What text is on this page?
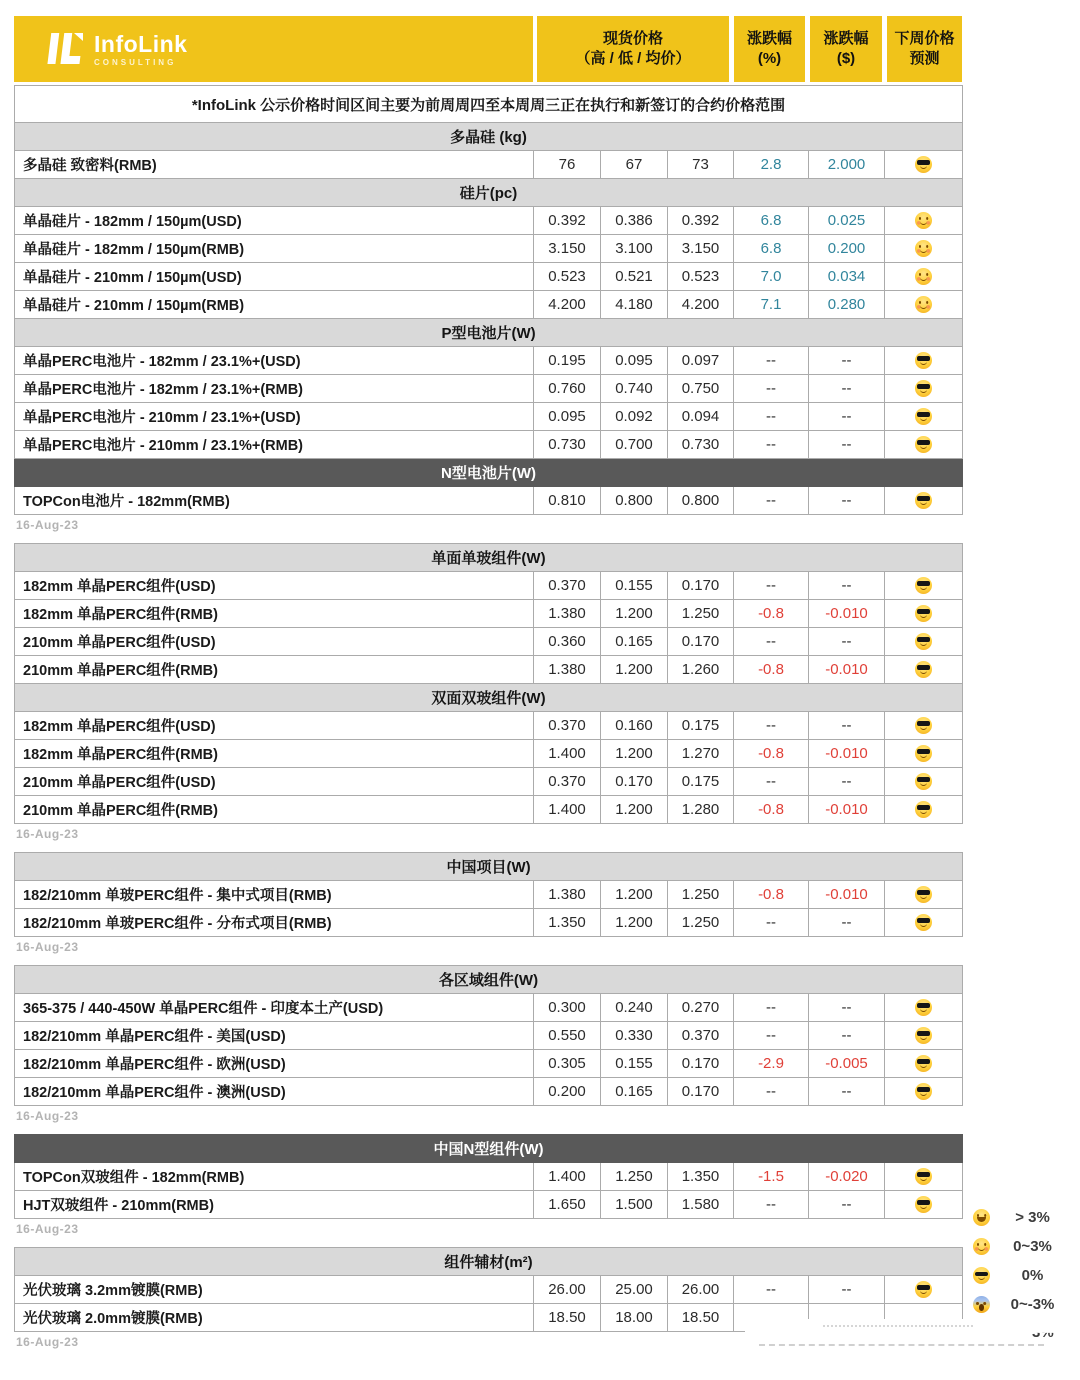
InfoLink
CONSULTING
现货价格
（高 / 低 / 均价）
涨跌幅
(%)
涨跌幅
($)
下周价格
预测
*InfoLink 公示价格时间区间主要为前周周四至本周周三正在执行和新签订的合约价格范围						
多晶硅 (kg)						
多晶硅 致密料(RMB)	76	67	73	2.8	2.000	
硅片(pc)						
单晶硅片 - 182mm / 150µm(USD)	0.392	0.386	0.392	6.8	0.025	
单晶硅片 - 182mm / 150µm(RMB)	3.150	3.100	3.150	6.8	0.200	
单晶硅片 - 210mm / 150µm(USD)	0.523	0.521	0.523	7.0	0.034	
单晶硅片 - 210mm / 150µm(RMB)	4.200	4.180	4.200	7.1	0.280	
P型电池片(W)						
单晶PERC电池片 - 182mm / 23.1%+(USD)	0.195	0.095	0.097	--	--	
单晶PERC电池片 - 182mm / 23.1%+(RMB)	0.760	0.740	0.750	--	--	
单晶PERC电池片 - 210mm / 23.1%+(USD)	0.095	0.092	0.094	--	--	
单晶PERC电池片 - 210mm / 23.1%+(RMB)	0.730	0.700	0.730	--	--	
N型电池片(W)						
TOPCon电池片 - 182mm(RMB)	0.810	0.800	0.800	--	--	
16-Aug-23
单面单玻组件(W)						
182mm 单晶PERC组件(USD)	0.370	0.155	0.170	--	--	
182mm 单晶PERC组件(RMB)	1.380	1.200	1.250	-0.8	-0.010	
210mm 单晶PERC组件(USD)	0.360	0.165	0.170	--	--	
210mm 单晶PERC组件(RMB)	1.380	1.200	1.260	-0.8	-0.010	
双面双玻组件(W)						
182mm 单晶PERC组件(USD)	0.370	0.160	0.175	--	--	
182mm 单晶PERC组件(RMB)	1.400	1.200	1.270	-0.8	-0.010	
210mm 单晶PERC组件(USD)	0.370	0.170	0.175	--	--	
210mm 单晶PERC组件(RMB)	1.400	1.200	1.280	-0.8	-0.010	
16-Aug-23
中国项目(W)						
182/210mm 单玻PERC组件 - 集中式项目(RMB)	1.380	1.200	1.250	-0.8	-0.010	
182/210mm 单玻PERC组件 - 分布式项目(RMB)	1.350	1.200	1.250	--	--	
16-Aug-23
各区域组件(W)						
365-375 / 440-450W 单晶PERC组件 - 印度本土产(USD)	0.300	0.240	0.270	--	--	
182/210mm 单晶PERC组件 - 美国(USD)	0.550	0.330	0.370	--	--	
182/210mm 单晶PERC组件 - 欧洲(USD)	0.305	0.155	0.170	-2.9	-0.005	
182/210mm 单晶PERC组件 - 澳洲(USD)	0.200	0.165	0.170	--	--	
16-Aug-23
中国N型组件(W)						
TOPCon双玻组件 - 182mm(RMB)	1.400	1.250	1.350	-1.5	-0.020	
HJT双玻组件 - 210mm(RMB)	1.650	1.500	1.580	--	--	
16-Aug-23
组件辅材(m²)						
光伏玻璃 3.2mm镀膜(RMB)	26.00	25.00	26.00	--	--	
光伏玻璃 2.0mm镀膜(RMB)	18.50	18.00	18.50			
16-Aug-23
> 3%
0~3%
0%
0~-3%
